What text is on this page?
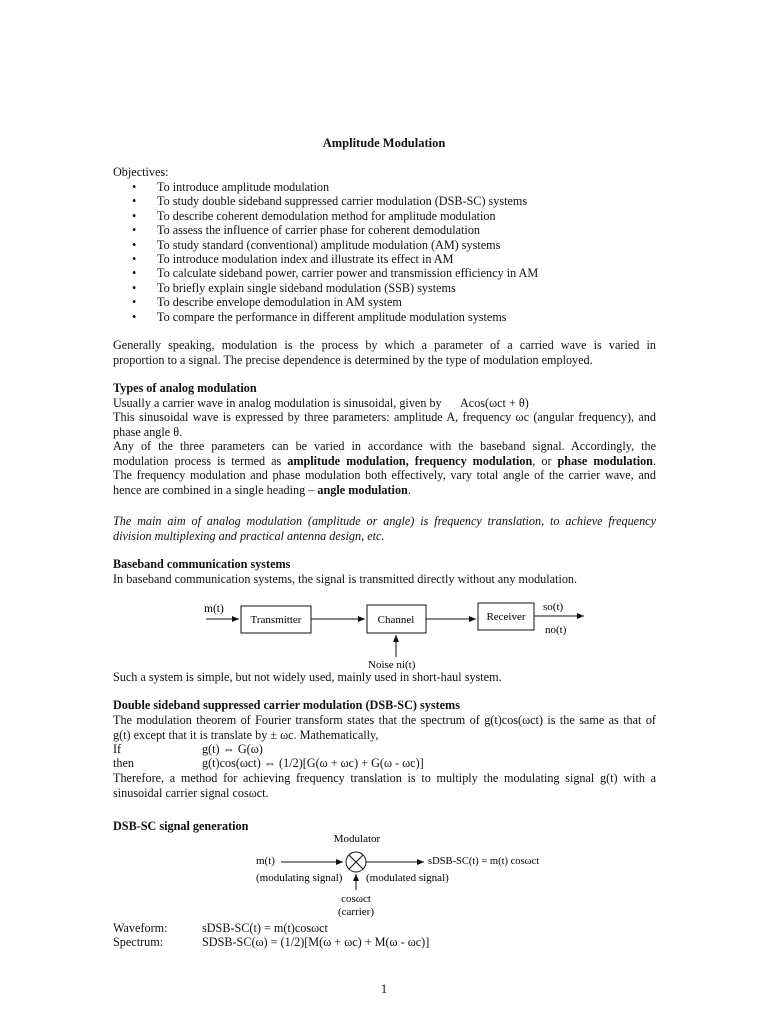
Amplitude Modulation
Objectives:
• To introduce amplitude modulation
• To study double sideband suppressed carrier modulation (DSB-SC) systems
• To describe coherent demodulation method for amplitude modulation
• To assess the influence of carrier phase for coherent demodulation
• To study standard (conventional) amplitude modulation (AM) systems
• To introduce modulation index and illustrate its effect in AM
• To calculate sideband power, carrier power and transmission efficiency in AM
• To briefly explain single sideband modulation (SSB) systems
• To describe envelope demodulation in AM system
• To compare the performance in different amplitude modulation systems
Generally speaking, modulation is the process by which a parameter of a carried wave is varied in
proportion to a signal. The precise dependence is determined by the type of modulation employed.
Types of analog modulation
Usually a carrier wave in analog modulation is sinusoidal, given by Acos(ωct + θ)
This sinusoidal wave is expressed by three parameters: amplitude A, frequency ωc (angular frequency), and
phase angle θ.
Any of the three parameters can be varied in accordance with the baseband signal. Accordingly, the
modulation process is termed as amplitude modulation, frequency modulation, or phase modulation.
The frequency modulation and phase modulation both effectively, vary total angle of the carrier wave, and
hence are combined in a single heading – angle modulation.
The main aim of analog modulation (amplitude or angle) is frequency translation, to achieve frequency
division multiplexing and practical antenna design, etc.
Baseband communication systems
In baseband communication systems, the signal is transmitted directly without any modulation.
m(t)
Transmitter	Channel	Receiver
so(t)
no(t)
Noise ni(t)
Such a system is simple, but not widely used, mainly used in short-haul system.
Double sideband suppressed carrier modulation (DSB-SC) systems
The modulation theorem of Fourier transform states that the spectrum of g(t)cos(ωct) is the same as that of
g(t) except that it is translate by ± ωc. Mathematically,
If	g(t) ⇔ G(ω)
then	g(t)cos(ωct) ⇔ (1/2)[G(ω + ωc) + G(ω - ωc)]
Therefore, a method for achieving frequency translation is to multiply the modulating signal g(t) with a
sinusoidal carrier signal cosωct.
DSB-SC signal generation
Modulator
m(t)	sDSB-SC(t) = m(t) cosωct
(modulating signal) (modulated signal)
cosωct
(carrier)
Waveform:	sDSB-SC(t) = m(t)cosωct
Spectrum:	SDSB-SC(ω) = (1/2)[M(ω + ωc) + M(ω - ωc)]
1
